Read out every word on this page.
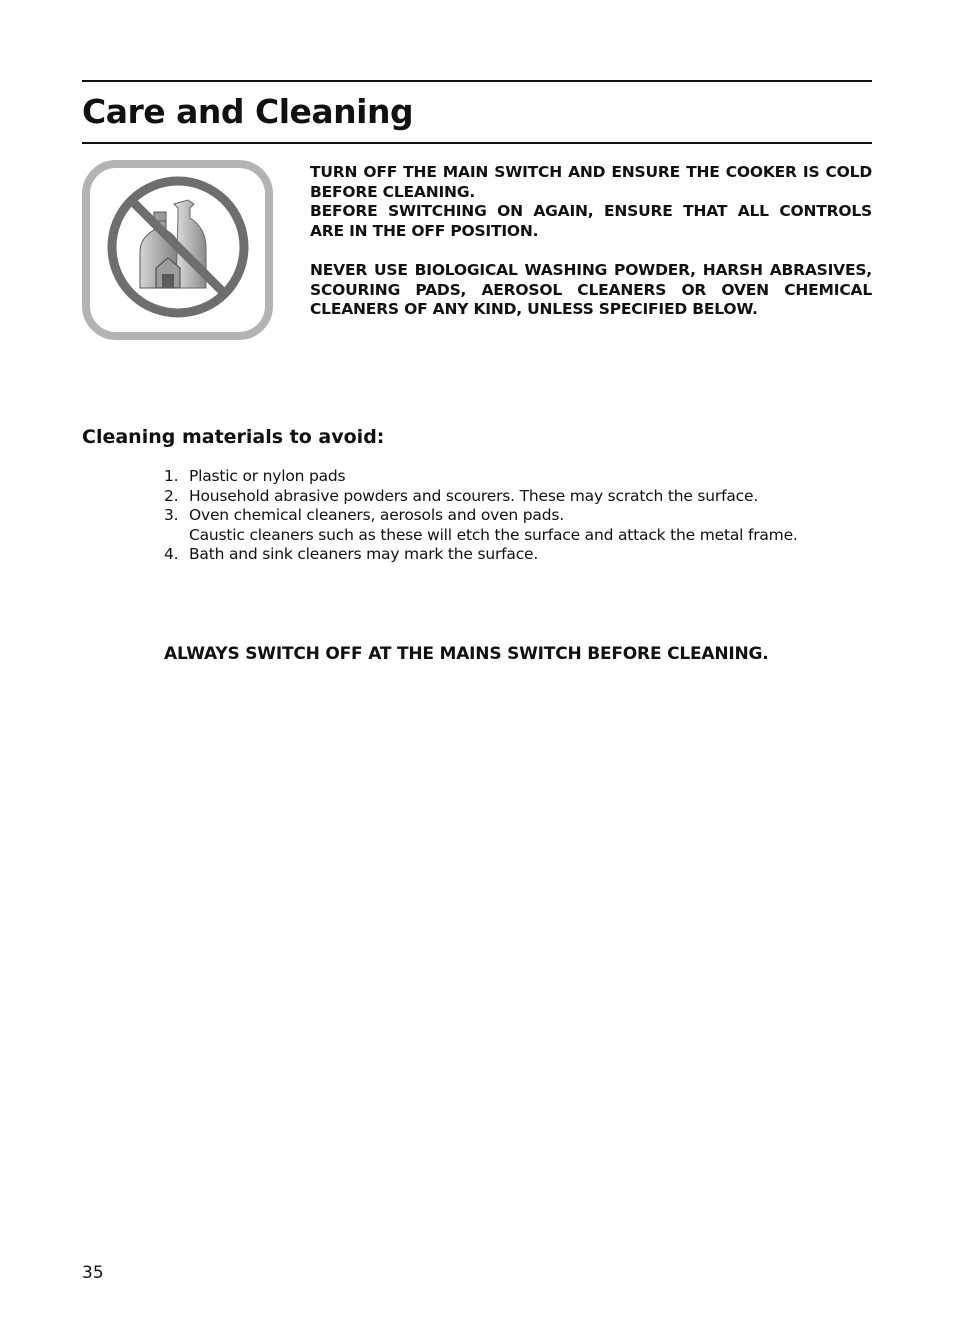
Care and Cleaning

TURN OFF THE MAIN SWITCH AND ENSURE THE COOKER IS COLD BEFORE CLEANING.

BEFORE SWITCHING ON AGAIN, ENSURE THAT ALL CONTROLS ARE IN THE OFF POSITION.

NEVER USE BIOLOGICAL WASHING POWDER, HARSH ABRASIVES, SCOURING PADS, AEROSOL CLEANERS OR OVEN CHEMICAL CLEANERS OF ANY KIND, UNLESS SPECIFIED BELOW.

Cleaning materials to avoid:
1. Plastic or nylon pads
2. Household abrasive powders and scourers. These may scratch the surface.
3. Oven chemical cleaners, aerosols and oven pads.
Caustic cleaners such as these will etch the surface and attack the metal frame.
4. Bath and sink cleaners may mark the surface.

ALWAYS SWITCH OFF AT THE MAINS SWITCH BEFORE CLEANING.

35
